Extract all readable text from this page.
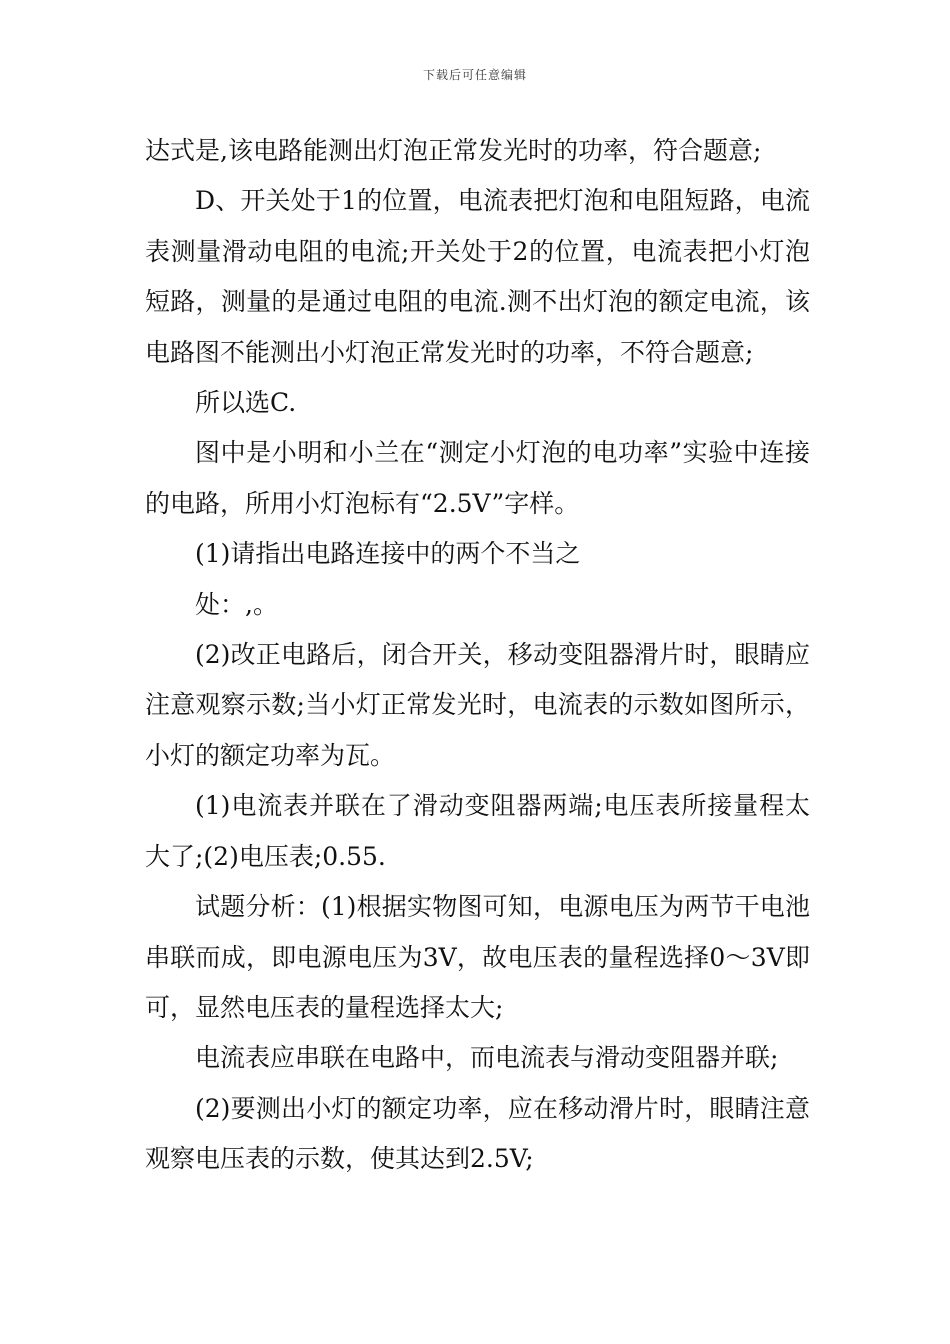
下载后可任意编辑

达式是,该电路能测出灯泡正常发光时的功率，符合题意;

D、开关处于1的位置，电流表把灯泡和电阻短路，电流表测量滑动电阻的电流;开关处于2的位置，电流表把小灯泡短路，测量的是通过电阻的电流.测不出灯泡的额定电流，该电路图不能测出小灯泡正常发光时的功率，不符合题意;

所以选C.

图中是小明和小兰在“测定小灯泡的电功率”实验中连接的电路，所用小灯泡标有“2.5V”字样。

(1)请指出电路连接中的两个不当之

处：,。

(2)改正电路后，闭合开关，移动变阻器滑片时，眼睛应注意观察示数;当小灯正常发光时，电流表的示数如图所示，小灯的额定功率为瓦。

(1)电流表并联在了滑动变阻器两端;电压表所接量程太大了;(2)电压表;0.55.

试题分析：(1)根据实物图可知，电源电压为两节干电池串联而成，即电源电压为3V，故电压表的量程选择0～3V即可，显然电压表的量程选择太大;

电流表应串联在电路中，而电流表与滑动变阻器并联;

(2)要测出小灯的额定功率，应在移动滑片时，眼睛注意观察电压表的示数，使其达到2.5V;
